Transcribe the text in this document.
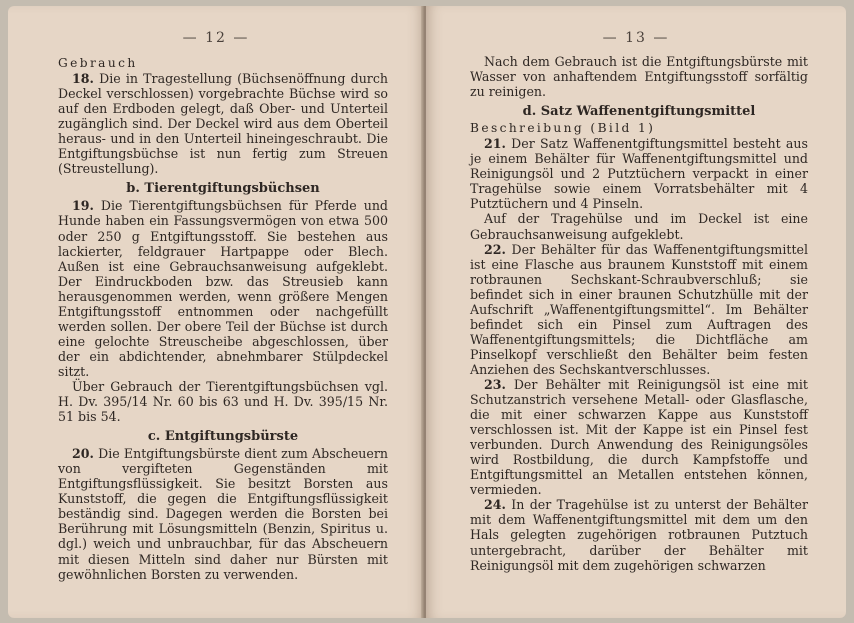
— 12 —

Gebrauch

18. Die in Tragestellung (Büchsenöffnung durch Deckel verschlossen) vorgebrachte Büchse wird so auf den Erdboden gelegt, daß Ober- und Unterteil zugänglich sind. Der Deckel wird aus dem Oberteil heraus- und in den Unterteil hineingeschraubt. Die Entgiftungsbüchse ist nun fertig zum Streuen (Streustellung).

b. Tierentgiftungsbüchsen

19. Die Tierentgiftungsbüchsen für Pferde und Hunde haben ein Fassungsvermögen von etwa 500 oder 250 g Entgiftungsstoff. Sie bestehen aus lackierter, feldgrauer Hartpappe oder Blech. Außen ist eine Gebrauchsanweisung aufgeklebt. Der Eindruckboden bzw. das Streusieb kann herausgenommen werden, wenn größere Mengen Entgiftungsstoff entnommen oder nachgefüllt werden sollen. Der obere Teil der Büchse ist durch eine gelochte Streuscheibe abgeschlossen, über der ein abdichtender, abnehmbarer Stülpdeckel sitzt.

Über Gebrauch der Tierentgiftungsbüchsen vgl. H. Dv. 395/14 Nr. 60 bis 63 und H. Dv. 395/15 Nr. 51 bis 54.

c. Entgiftungsbürste

20. Die Entgiftungsbürste dient zum Abscheuern von vergifteten Gegenständen mit Entgiftungsflüssigkeit. Sie besitzt Borsten aus Kunststoff, die gegen die Entgiftungsflüssigkeit beständig sind. Dagegen werden die Borsten bei Berührung mit Lösungsmitteln (Benzin, Spiritus u. dgl.) weich und unbrauchbar, für das Abscheuern mit diesen Mitteln sind daher nur Bürsten mit gewöhnlichen Borsten zu verwenden.

— 13 —

Nach dem Gebrauch ist die Entgiftungsbürste mit Wasser von anhaftendem Entgiftungsstoff sorfältig zu reinigen.

d. Satz Waffenentgiftungsmittel

Beschreibung (Bild 1)

21. Der Satz Waffenentgiftungsmittel besteht aus je einem Behälter für Waffenentgiftungsmittel und Reinigungsöl und 2 Putztüchern verpackt in einer Tragehülse sowie einem Vorratsbehälter mit 4 Putztüchern und 4 Pinseln.

Auf der Tragehülse und im Deckel ist eine Gebrauchsanweisung aufgeklebt.

22. Der Behälter für das Waffenentgiftungsmittel ist eine Flasche aus braunem Kunststoff mit einem rotbraunen Sechskant-Schraubverschluß; sie befindet sich in einer braunen Schutzhülle mit der Aufschrift „Waffenentgiftungsmittel“. Im Behälter befindet sich ein Pinsel zum Auftragen des Waffenentgiftungsmittels; die Dichtfläche am Pinselkopf verschließt den Behälter beim festen Anziehen des Sechskantverschlusses.

23. Der Behälter mit Reinigungsöl ist eine mit Schutzanstrich versehene Metall- oder Glasflasche, die mit einer schwarzen Kappe aus Kunststoff verschlossen ist. Mit der Kappe ist ein Pinsel fest verbunden. Durch Anwendung des Reinigungsöles wird Rostbildung, die durch Kampfstoffe und Entgiftungsmittel an Metallen entstehen können, vermieden.

24. In der Tragehülse ist zu unterst der Behälter mit dem Waffenentgiftungsmittel mit dem um den Hals gelegten zugehörigen rotbraunen Putztuch untergebracht, darüber der Behälter mit Reinigungsöl mit dem zugehörigen schwarzen
